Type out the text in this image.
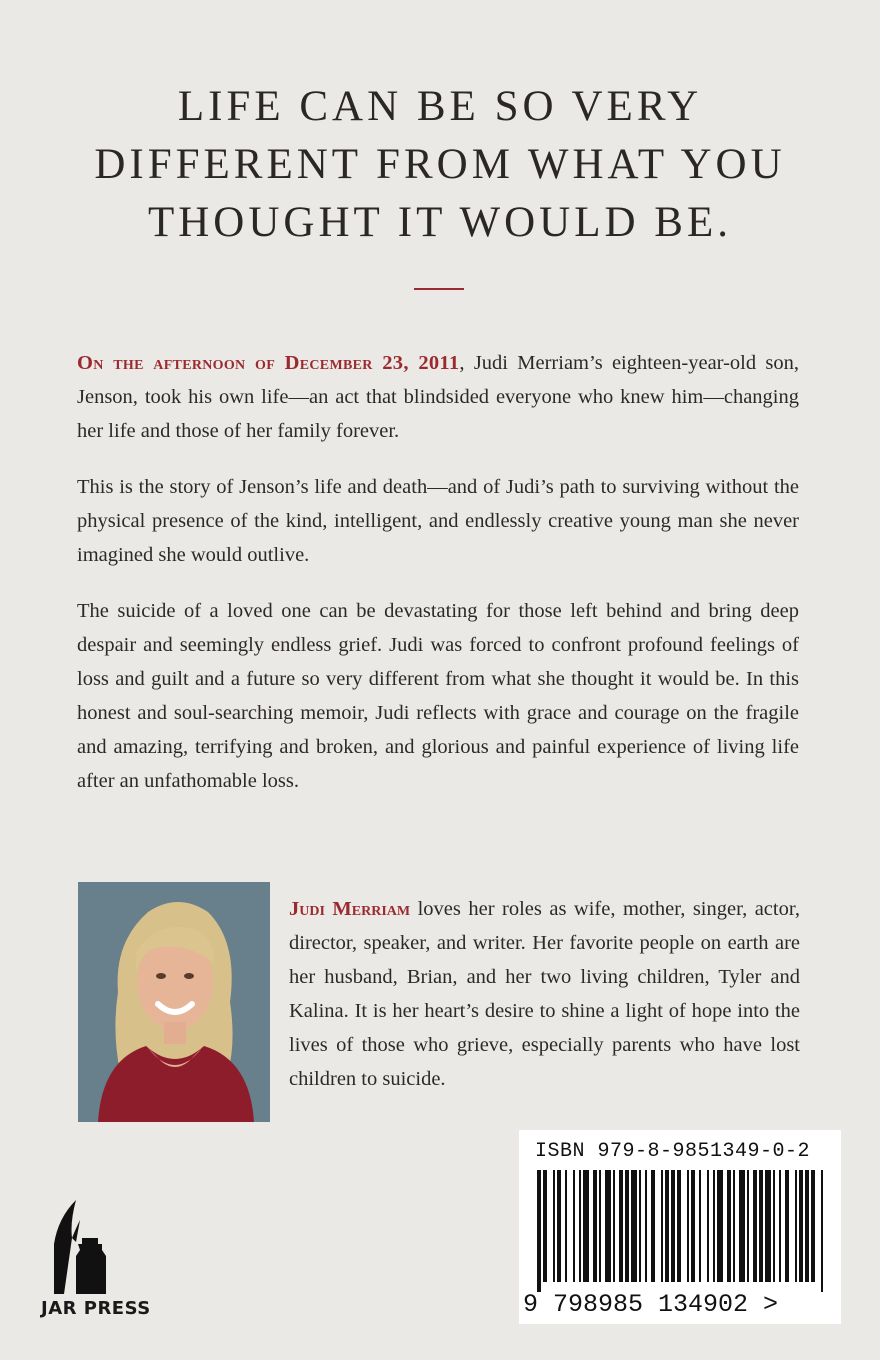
LIFE CAN BE SO VERY
DIFFERENT FROM WHAT YOU
THOUGHT IT WOULD BE.

On the afternoon of December 23, 2011, Judi Merriam’s eighteen-year-old son, Jenson, took his own life—an act that blindsided everyone who knew him—changing her life and those of her family forever.

This is the story of Jenson’s life and death—and of Judi’s path to surviving without the physical presence of the kind, intelligent, and endlessly creative young man she never imagined she would outlive.

The suicide of a loved one can be devastating for those left behind and bring deep despair and seemingly endless grief. Judi was forced to confront profound feelings of loss and guilt and a future so very different from what she thought it would be. In this honest and soul-searching memoir, Judi reflects with grace and courage on the fragile and amazing, terrifying and broken, and glorious and painful experience of living life after an unfathomable loss.

Judi Merriam loves her roles as wife, mother, singer, actor, director, speaker, and writer. Her favorite people on earth are her husband, Brian, and her two living children, Tyler and Kalina. It is her heart’s desire to shine a light of hope into the lives of those who grieve, especially parents who have lost children to suicide.
ISBN 979-8-9851349-0-2
9 798985 134902 >
JAR PRESS
